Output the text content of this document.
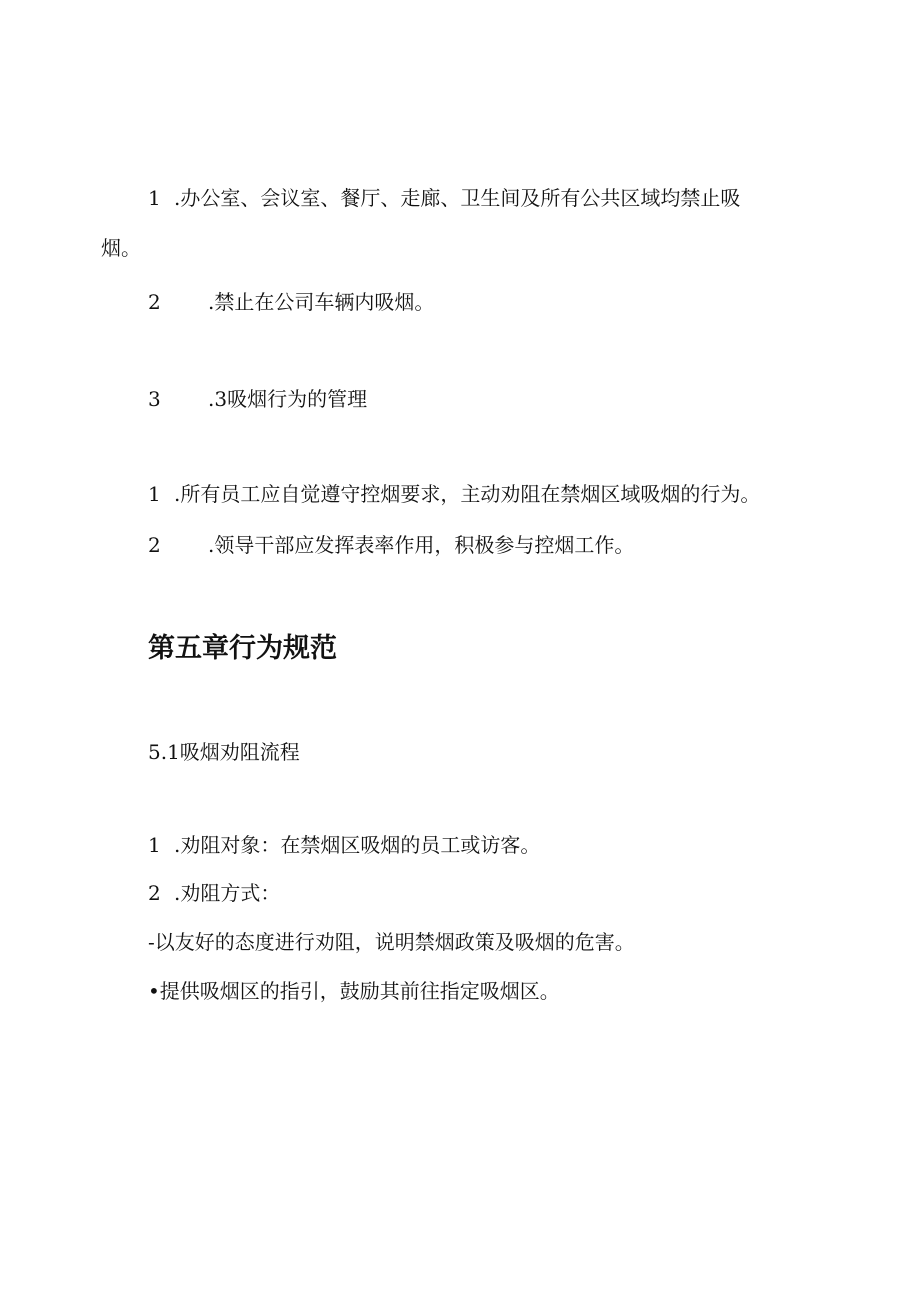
1 .办公室、会议室、餐厅、走廊、卫生间及所有公共区域均禁止吸
烟。
2 .禁止在公司车辆内吸烟。
3 .3吸烟行为的管理
1 .所有员工应自觉遵守控烟要求，主动劝阻在禁烟区域吸烟的行为。
2 .领导干部应发挥表率作用，积极参与控烟工作。
第五章行为规范
5.1吸烟劝阻流程
1 .劝阻对象：在禁烟区吸烟的员工或访客。
2 .劝阻方式：
-以友好的态度进行劝阻，说明禁烟政策及吸烟的危害。
•提供吸烟区的指引，鼓励其前往指定吸烟区。
